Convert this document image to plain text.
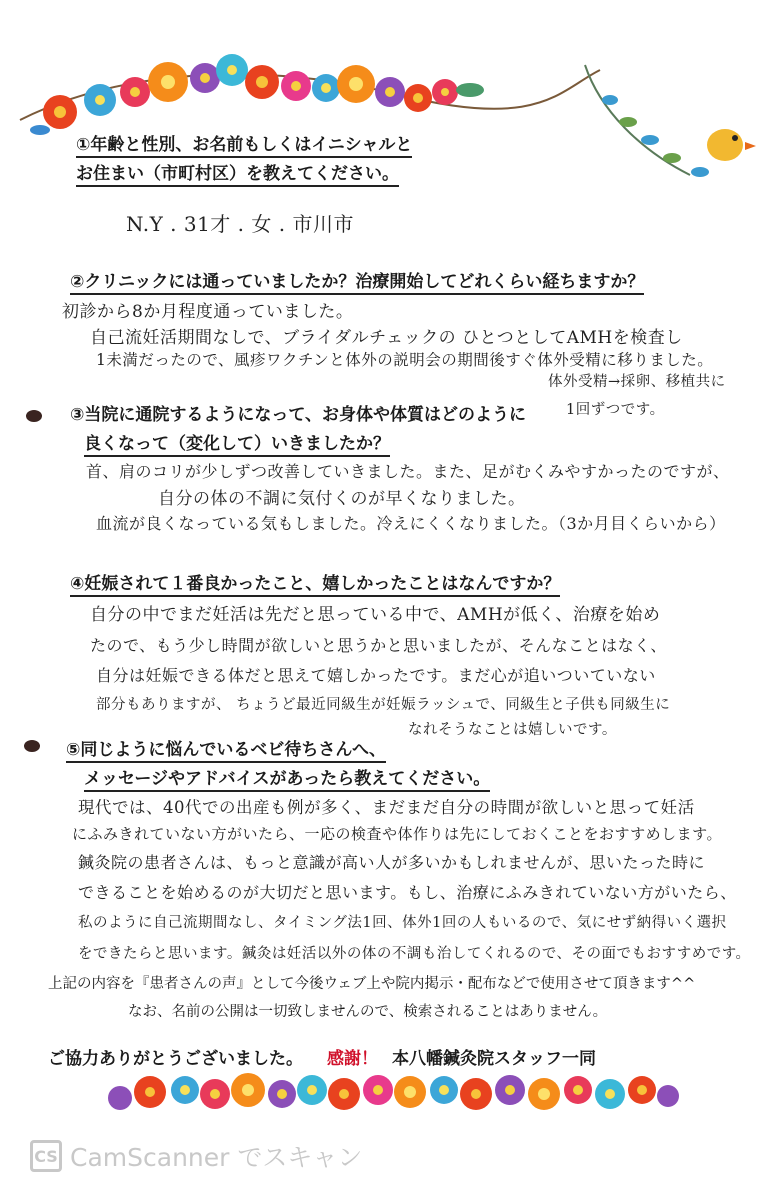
①年齢と性別、お名前もしくはイニシャルと
お住まい（市町村区）を教えてください。
N.Y . 31才 . 女 . 市川市
②クリニックには通っていましたか？治療開始してどれくらい経ちますか？
初診から8か月程度通っていました。
自己流妊活期間なしで、ブライダルチェックの ひとつとしてAMHを検査し
体外受精→採卵、移植共に
1未満だったので、風疹ワクチンと体外の説明会の期間後すぐ体外受精に移りました。
1回ずつです。
③当院に通院するようになって、お身体や体質はどのように
良くなって（変化して）いきましたか？
首、肩のコリが少しずつ改善していきました。また、足がむくみやすかったのですが、
自分の体の不調に気付くのが早くなりました。
血流が良くなっている気もしました。冷えにくくなりました。（3か月目くらいから）
④妊娠されて１番良かったこと、嬉しかったことはなんですか？
自分の中でまだ妊活は先だと思っている中で、AMHが低く、治療を始め
たので、もう少し時間が欲しいと思うかと思いましたが、そんなことはなく、
自分は妊娠できる体だと思えて嬉しかったです。まだ心が追いついていない
部分もありますが、 ちょうど最近同級生が妊娠ラッシュで、同級生と子供も同級生に
なれそうなことは嬉しいです。
⑤同じように悩んでいるベビ待ちさんへ、
メッセージやアドバイスがあったら教えてください。
現代では、40代での出産も例が多く、まだまだ自分の時間が欲しいと思って妊活
にふみきれていない方がいたら、一応の検査や体作りは先にしておくことをおすすめします。
鍼灸院の患者さんは、もっと意識が高い人が多いかもしれませんが、思いたった時に
できることを始めるのが大切だと思います。もし、治療にふみきれていない方がいたら、
私のように自己流期間なし、タイミング法1回、体外1回の人もいるので、気にせず納得いく選択
をできたらと思います。鍼灸は妊活以外の体の不調も治してくれるので、その面でもおすすめです。
上記の内容を『患者さんの声』として今後ウェブ上や院内掲示・配布などで使用させて頂きます^^
なお、名前の公開は一切致しませんので、検索されることはありません。
ご協力ありがとうございました。 感謝！ 本八幡鍼灸院スタッフ一同
CS CamScanner でスキャン
